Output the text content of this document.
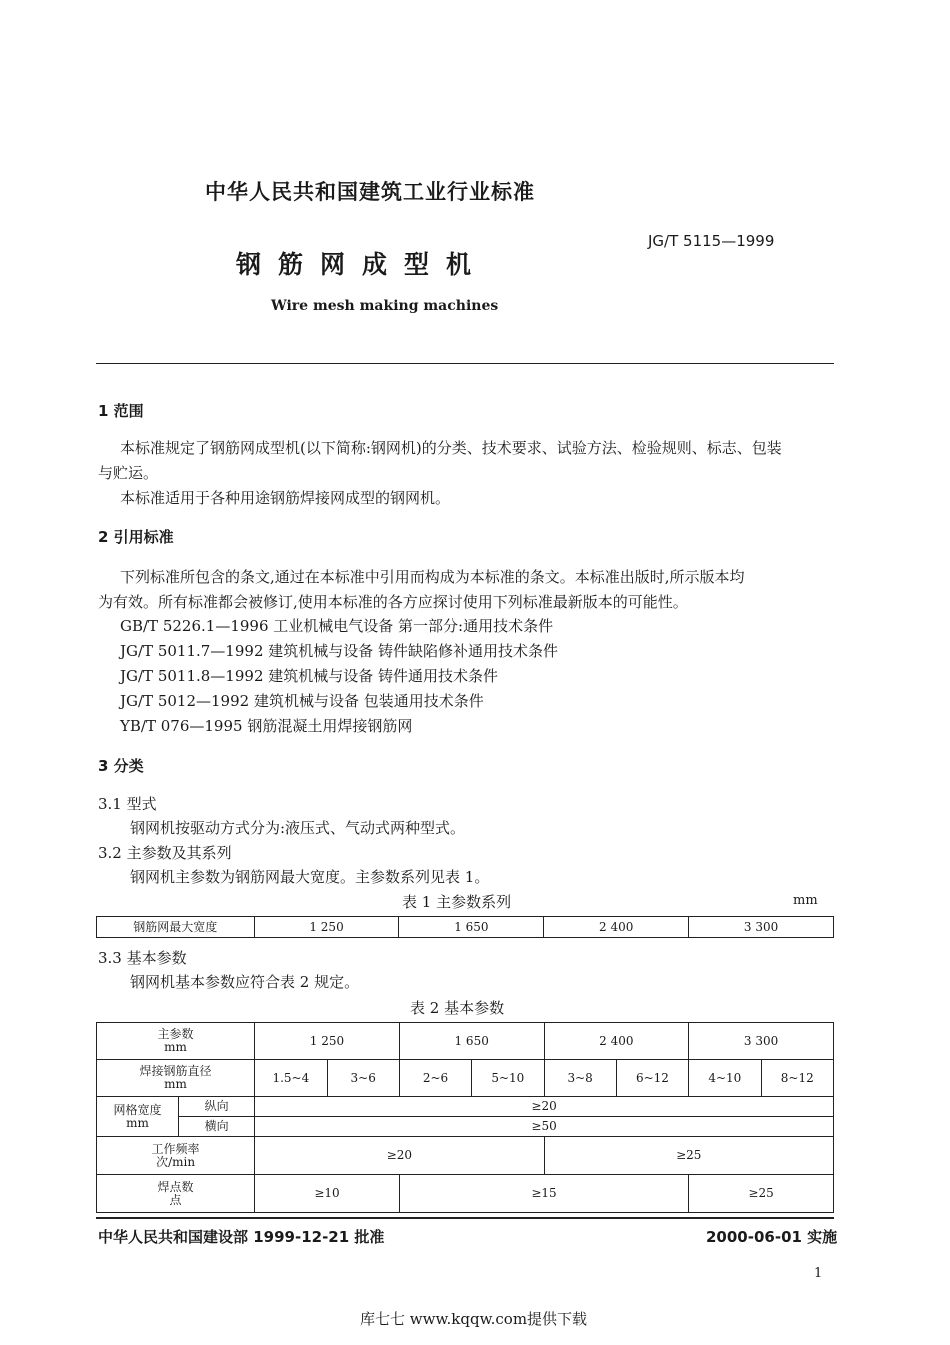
中华人民共和国建筑工业行业标准
JG/T 5115—1999
钢筋网成型机
Wire mesh making machines
1 范围
本标准规定了钢筋网成型机(以下简称:钢网机)的分类、技术要求、试验方法、检验规则、标志、包装
与贮运。
本标准适用于各种用途钢筋焊接网成型的钢网机。
2 引用标准
下列标准所包含的条文,通过在本标准中引用而构成为本标准的条文。本标准出版时,所示版本均
为有效。所有标准都会被修订,使用本标准的各方应探讨使用下列标准最新版本的可能性。
GB/T 5226.1—1996 工业机械电气设备 第一部分:通用技术条件
JG/T 5011.7—1992 建筑机械与设备 铸件缺陷修补通用技术条件
JG/T 5011.8—1992 建筑机械与设备 铸件通用技术条件
JG/T 5012—1992 建筑机械与设备 包装通用技术条件
YB/T 076—1995 钢筋混凝土用焊接钢筋网
3 分类
3.1 型式
钢网机按驱动方式分为:液压式、气动式两种型式。
3.2 主参数及其系列
钢网机主参数为钢筋网最大宽度。主参数系列见表 1。
表 1 主参数系列	mm
钢筋网最大宽度	1 250	1 650	2 400	3 300
3.3 基本参数
钢网机基本参数应符合表 2 规定。
表 2 基本参数
主参数
mm		1 250		1 650		2 400		3 300	
焊接钢筋直径
mm		1.5~4	3~6	2~6	5~10	3~8	6~12	4~10	8~12
网格宽度
mm	纵向	≥20							
	横向	≥50							
工作频率
次/min		≥20				≥25			
焊点数
点		≥10		≥15				≥25	
中华人民共和国建设部 1999-12-21 批准	2000-06-01 实施
1
库七七 www.kqqw.com提供下载
